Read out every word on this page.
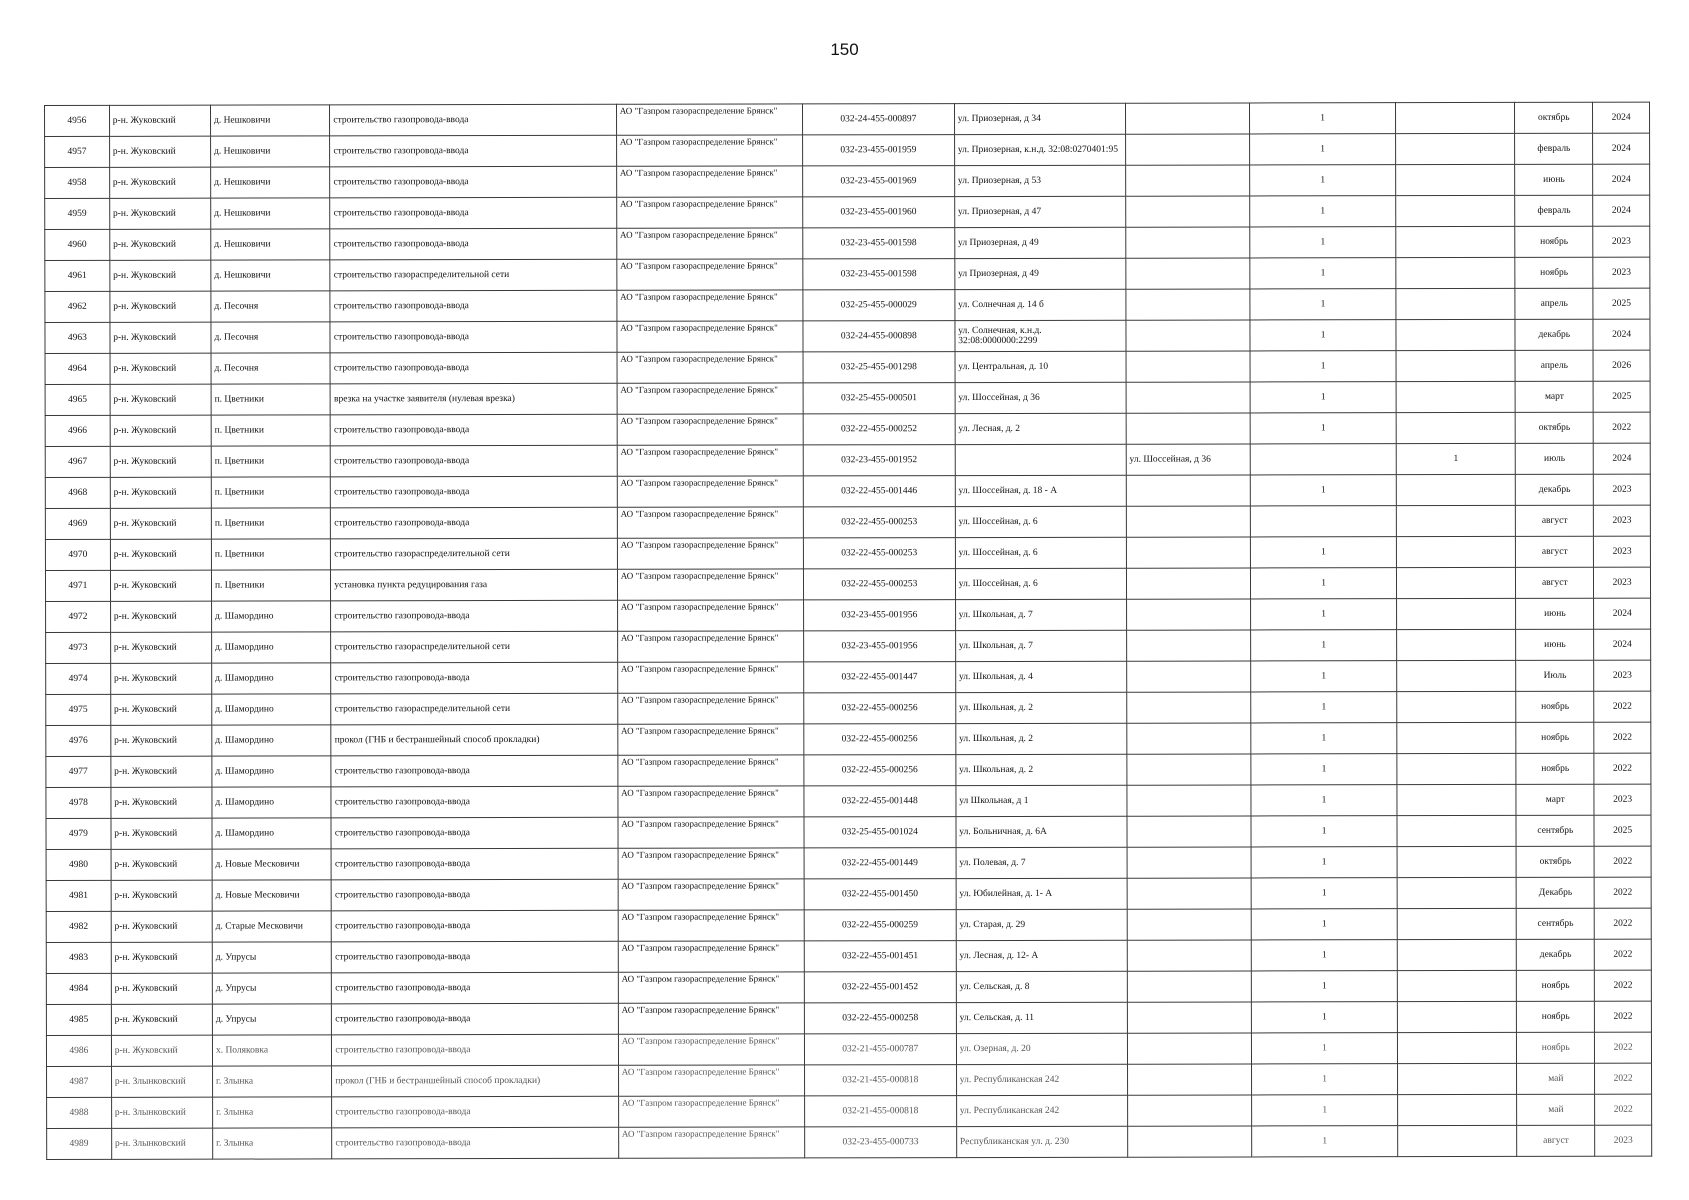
150
4956	р-н. Жуковский	д. Нешковичи	строительство газопровода-ввода	АО "Газпром газораспределение Брянск"	032-24-455-000897	ул. Приозерная, д 34		1		октябрь	2024
4957	р-н. Жуковский	д. Нешковичи	строительство газопровода-ввода	АО "Газпром газораспределение Брянск"	032-23-455-001959	ул. Приозерная, к.н.д. 32:08:0270401:95		1		февраль	2024
4958	р-н. Жуковский	д. Нешковичи	строительство газопровода-ввода	АО "Газпром газораспределение Брянск"	032-23-455-001969	ул. Приозерная, д 53		1		июнь	2024
4959	р-н. Жуковский	д. Нешковичи	строительство газопровода-ввода	АО "Газпром газораспределение Брянск"	032-23-455-001960	ул. Приозерная, д 47		1		февраль	2024
4960	р-н. Жуковский	д. Нешковичи	строительство газопровода-ввода	АО "Газпром газораспределение Брянск"	032-23-455-001598	ул Приозерная, д 49		1		ноябрь	2023
4961	р-н. Жуковский	д. Нешковичи	строительство газораспределительной сети	АО "Газпром газораспределение Брянск"	032-23-455-001598	ул Приозерная, д 49		1		ноябрь	2023
4962	р-н. Жуковский	д. Песочня	строительство газопровода-ввода	АО "Газпром газораспределение Брянск"	032-25-455-000029	ул. Солнечная д. 14 б		1		апрель	2025
4963	р-н. Жуковский	д. Песочня	строительство газопровода-ввода	АО "Газпром газораспределение Брянск"	032-24-455-000898	ул. Солнечная, к.н.д. 32:08:0000000:2299		1		декабрь	2024
4964	р-н. Жуковский	д. Песочня	строительство газопровода-ввода	АО "Газпром газораспределение Брянск"	032-25-455-001298	ул. Центральная, д. 10		1		апрель	2026
4965	р-н. Жуковский	п. Цветники	врезка на участке заявителя (нулевая врезка)	АО "Газпром газораспределение Брянск"	032-25-455-000501	ул. Шоссейная, д 36		1		март	2025
4966	р-н. Жуковский	п. Цветники	строительство газопровода-ввода	АО "Газпром газораспределение Брянск"	032-22-455-000252	ул. Лесная, д. 2		1		октябрь	2022
4967	р-н. Жуковский	п. Цветники	строительство газопровода-ввода	АО "Газпром газораспределение Брянск"	032-23-455-001952		ул. Шоссейная, д 36		1	июль	2024
4968	р-н. Жуковский	п. Цветники	строительство газопровода-ввода	АО "Газпром газораспределение Брянск"	032-22-455-001446	ул. Шоссейная, д. 18 - А		1		декабрь	2023
4969	р-н. Жуковский	п. Цветники	строительство газопровода-ввода	АО "Газпром газораспределение Брянск"	032-22-455-000253	ул. Шоссейная, д. 6				август	2023
4970	р-н. Жуковский	п. Цветники	строительство газораспределительной сети	АО "Газпром газораспределение Брянск"	032-22-455-000253	ул. Шоссейная, д. 6		1		август	2023
4971	р-н. Жуковский	п. Цветники	установка пункта редуцирования газа	АО "Газпром газораспределение Брянск"	032-22-455-000253	ул. Шоссейная, д. 6		1		август	2023
4972	р-н. Жуковский	д. Шамордино	строительство газопровода-ввода	АО "Газпром газораспределение Брянск"	032-23-455-001956	ул. Школьная, д. 7		1		июнь	2024
4973	р-н. Жуковский	д. Шамордино	строительство газораспределительной сети	АО "Газпром газораспределение Брянск"	032-23-455-001956	ул. Школьная, д. 7		1		июнь	2024
4974	р-н. Жуковский	д. Шамордино	строительство газопровода-ввода	АО "Газпром газораспределение Брянск"	032-22-455-001447	ул. Школьная, д. 4		1		Июль	2023
4975	р-н. Жуковский	д. Шамордино	строительство газораспределительной сети	АО "Газпром газораспределение Брянск"	032-22-455-000256	ул. Школьная, д. 2		1		ноябрь	2022
4976	р-н. Жуковский	д. Шамордино	прокол (ГНБ и бестраншейный способ прокладки)	АО "Газпром газораспределение Брянск"	032-22-455-000256	ул. Школьная, д. 2		1		ноябрь	2022
4977	р-н. Жуковский	д. Шамордино	строительство газопровода-ввода	АО "Газпром газораспределение Брянск"	032-22-455-000256	ул. Школьная, д. 2		1		ноябрь	2022
4978	р-н. Жуковский	д. Шамордино	строительство газопровода-ввода	АО "Газпром газораспределение Брянск"	032-22-455-001448	ул Школьная, д 1		1		март	2023
4979	р-н. Жуковский	д. Шамордино	строительство газопровода-ввода	АО "Газпром газораспределение Брянск"	032-25-455-001024	ул. Больничная, д. 6А		1		сентябрь	2025
4980	р-н. Жуковский	д. Новые Месковичи	строительство газопровода-ввода	АО "Газпром газораспределение Брянск"	032-22-455-001449	ул. Полевая, д. 7		1		октябрь	2022
4981	р-н. Жуковский	д. Новые Месковичи	строительство газопровода-ввода	АО "Газпром газораспределение Брянск"	032-22-455-001450	ул. Юбилейная, д. 1- А		1		Декабрь	2022
4982	р-н. Жуковский	д. Старые Месковичи	строительство газопровода-ввода	АО "Газпром газораспределение Брянск"	032-22-455-000259	ул. Старая, д. 29		1		сентябрь	2022
4983	р-н. Жуковский	д. Упрусы	строительство газопровода-ввода	АО "Газпром газораспределение Брянск"	032-22-455-001451	ул. Лесная, д. 12- А		1		декабрь	2022
4984	р-н. Жуковский	д. Упрусы	строительство газопровода-ввода	АО "Газпром газораспределение Брянск"	032-22-455-001452	ул. Сельская, д. 8		1		ноябрь	2022
4985	р-н. Жуковский	д. Упрусы	строительство газопровода-ввода	АО "Газпром газораспределение Брянск"	032-22-455-000258	ул. Сельская, д. 11		1		ноябрь	2022
4986	р-н. Жуковский	х. Поляковка	строительство газопровода-ввода	АО "Газпром газораспределение Брянск"	032-21-455-000787	ул. Озерная, д. 20		1		ноябрь	2022
4987	р-н. Злынковский	г. Злынка	прокол (ГНБ и бестраншейный способ прокладки)	АО "Газпром газораспределение Брянск"	032-21-455-000818	ул. Республиканская 242		1		май	2022
4988	р-н. Злынковский	г. Злынка	строительство газопровода-ввода	АО "Газпром газораспределение Брянск"	032-21-455-000818	ул. Республиканская 242		1		май	2022
4989	р-н. Злынковский	г. Злынка	строительство газопровода-ввода	АО "Газпром газораспределение Брянск"	032-23-455-000733	Республиканская ул. д. 230		1		август	2023
